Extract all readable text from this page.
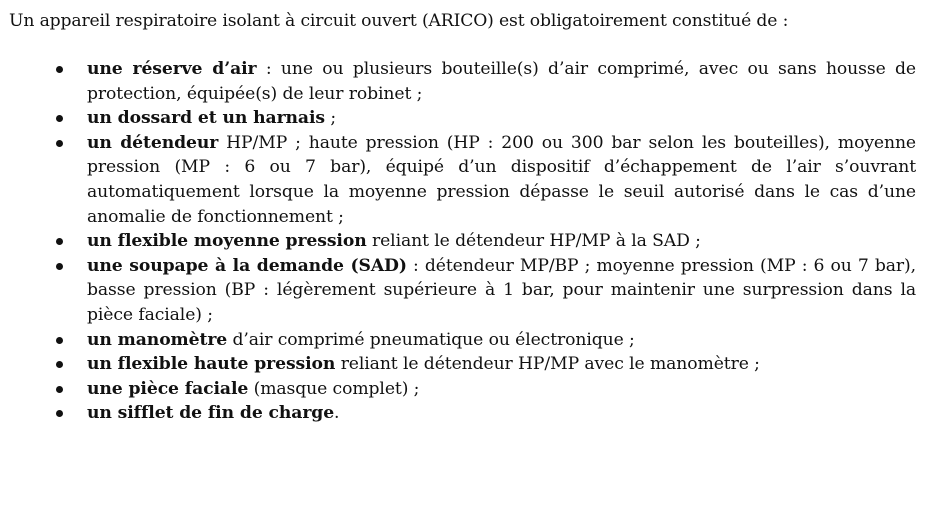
Un appareil respiratoire isolant à circuit ouvert (ARICO) est obligatoirement constitué de :

une réserve d’air : une ou plusieurs bouteille(s) d’air comprimé, avec ou sans housse de protection, équipée(s) de leur robinet ;
un dossard et un harnais ;
un détendeur HP/MP ; haute pression (HP : 200 ou 300 bar selon les bouteilles), moyenne pression (MP : 6 ou 7 bar), équipé d’un dispositif d’échappement de l’air s’ouvrant automatiquement lorsque la moyenne pression dépasse le seuil autorisé dans le cas d’une anomalie de fonctionnement ;
un flexible moyenne pression reliant le détendeur HP/MP à la SAD ;
une soupape à la demande (SAD) : détendeur MP/BP ; moyenne pression (MP : 6 ou 7 bar), basse pression (BP : légèrement supérieure à 1 bar, pour maintenir une surpression dans la pièce faciale) ;
un manomètre d’air comprimé pneumatique ou électronique ;
un flexible haute pression reliant le détendeur HP/MP avec le manomètre ;
une pièce faciale (masque complet) ;
un sifflet de fin de charge.
